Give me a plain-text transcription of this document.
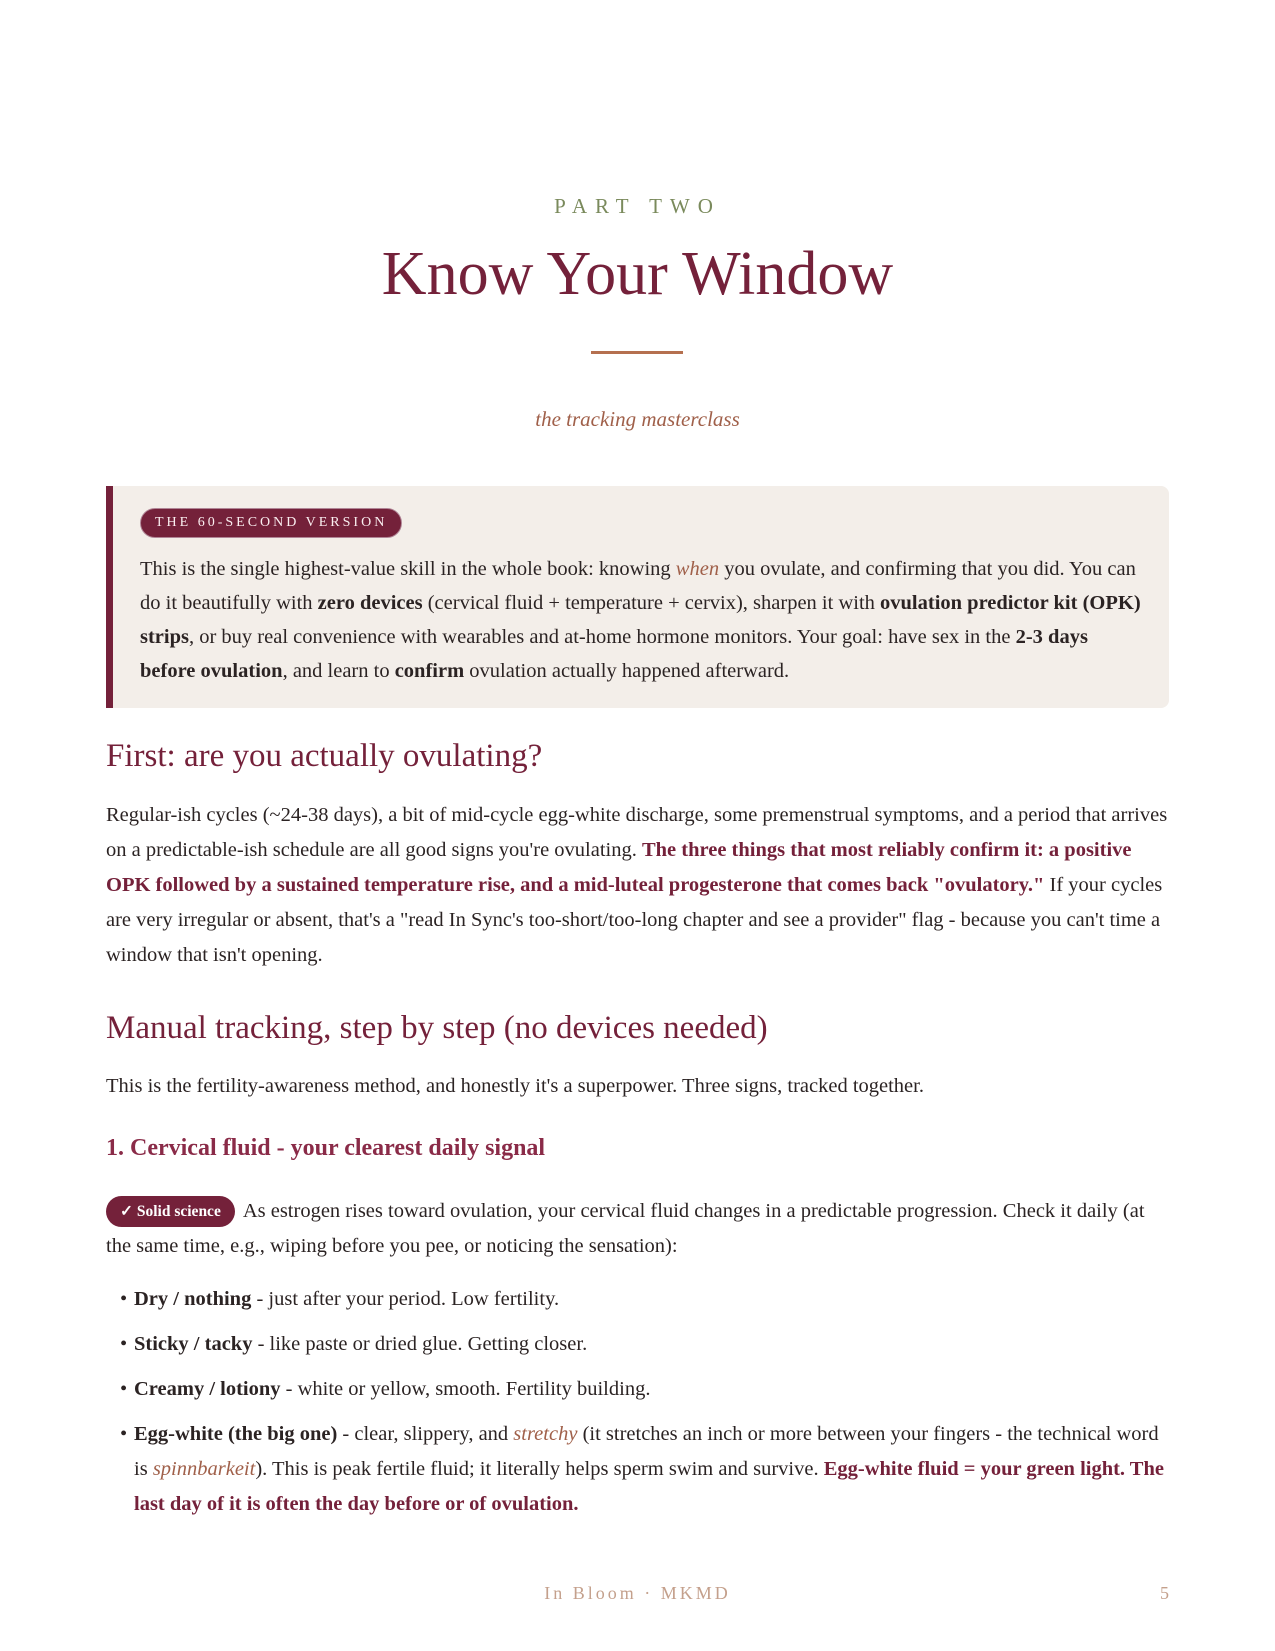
PART TWO
Know Your Window
the tracking masterclass
THE 60-SECOND VERSION

This is the single highest-value skill in the whole book: knowing when you ovulate, and confirming that you did. You can do it beautifully with zero devices (cervical fluid + temperature + cervix), sharpen it with ovulation predictor kit (OPK) strips, or buy real convenience with wearables and at-home hormone monitors. Your goal: have sex in the 2-3 days before ovulation, and learn to confirm ovulation actually happened afterward.

First: are you actually ovulating?

Regular-ish cycles (~24-38 days), a bit of mid-cycle egg-white discharge, some premenstrual symptoms, and a period that arrives on a predictable-ish schedule are all good signs you're ovulating. The three things that most reliably confirm it: a positive OPK followed by a sustained temperature rise, and a mid-luteal progesterone that comes back "ovulatory." If your cycles are very irregular or absent, that's a "read In Sync's too-short/too-long chapter and see a provider" flag - because you can't time a window that isn't opening.

Manual tracking, step by step (no devices needed)

This is the fertility-awareness method, and honestly it's a superpower. Three signs, tracked together.

1. Cervical fluid - your clearest daily signal

✓ Solid science As estrogen rises toward ovulation, your cervical fluid changes in a predictable progression. Check it daily (at the same time, e.g., wiping before you pee, or noticing the sensation):

• Dry / nothing - just after your period. Low fertility.
• Sticky / tacky - like paste or dried glue. Getting closer.
• Creamy / lotiony - white or yellow, smooth. Fertility building.
• Egg-white (the big one) - clear, slippery, and stretchy (it stretches an inch or more between your fingers - the technical word is spinnbarkeit). This is peak fertile fluid; it literally helps sperm swim and survive. Egg-white fluid = your green light. The last day of it is often the day before or of ovulation.
In Bloom · MKMD	5
